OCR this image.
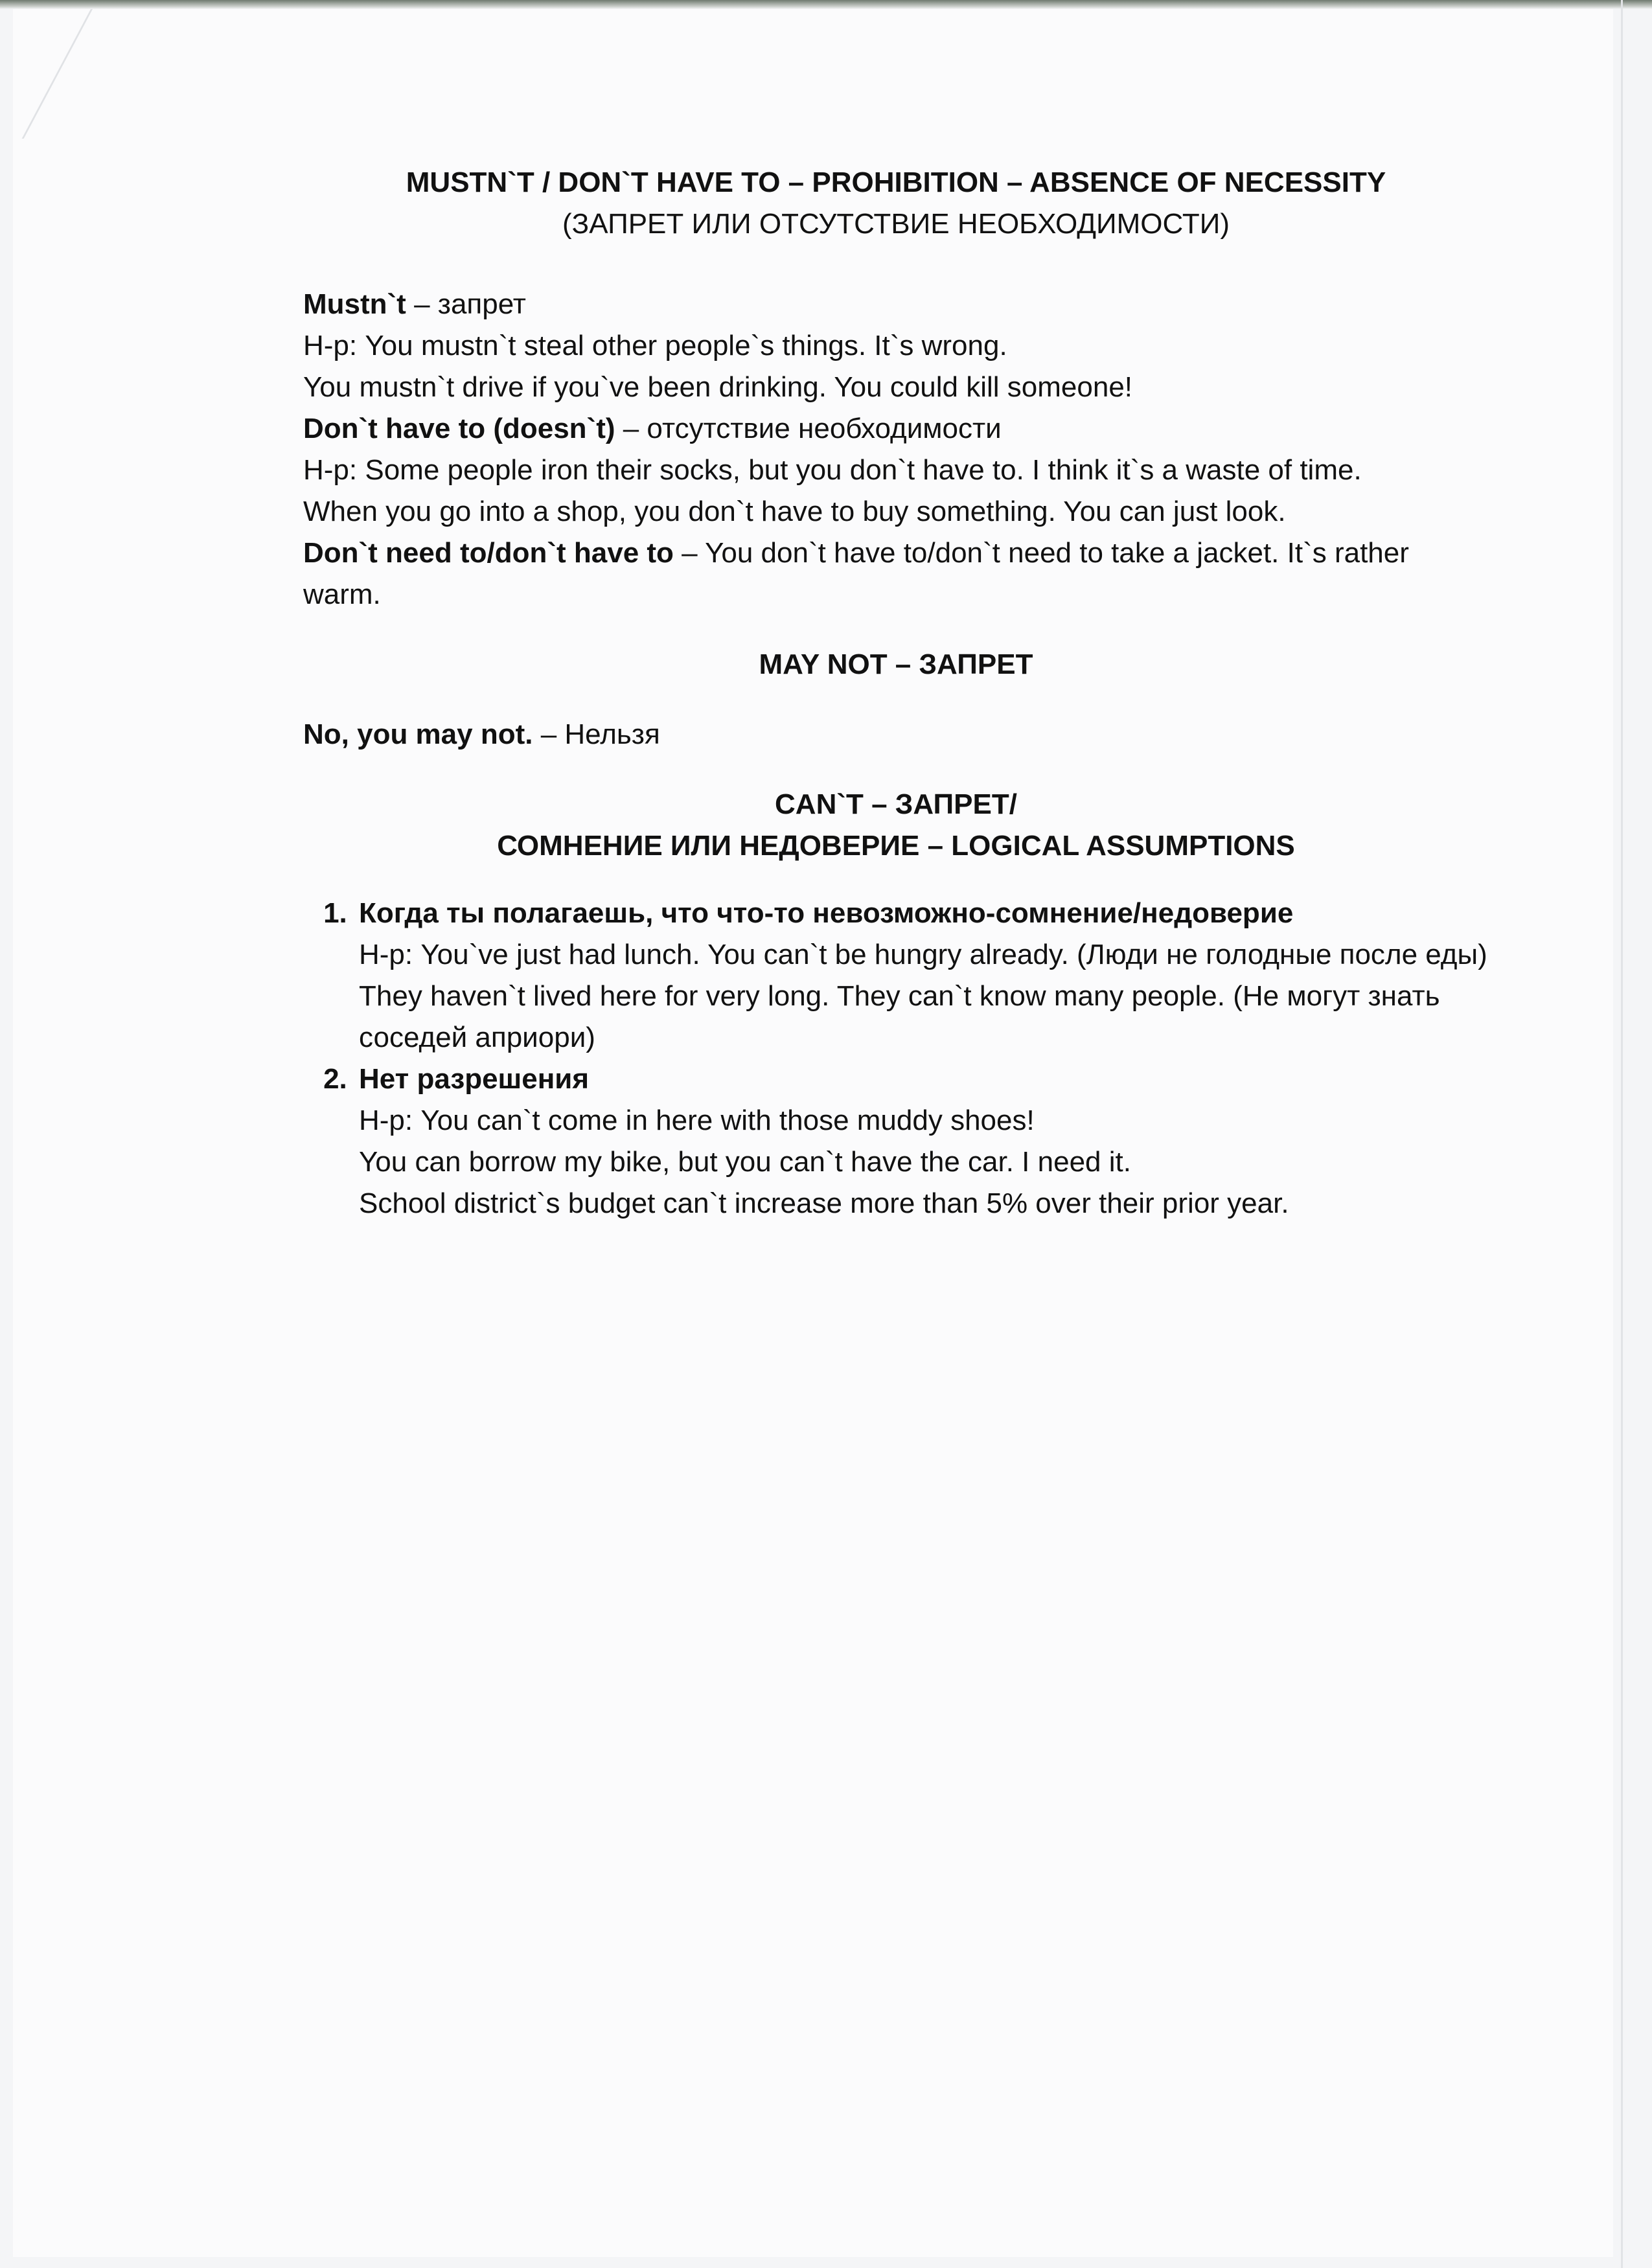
MUSTN`T / DON`T HAVE TO – PROHIBITION – ABSENCE OF NECESSITY

(ЗАПРЕТ ИЛИ ОТСУТСТВИЕ НЕОБХОДИМОСТИ)

Mustn`t – запрет

Н-р: You mustn`t steal other people`s things. It`s wrong.

You mustn`t drive if you`ve been drinking. You could kill someone!

Don`t have to (doesn`t) – отсутствие необходимости

Н-р: Some people iron their socks, but you don`t have to. I think it`s a waste of time.

When you go into a shop, you don`t have to buy something. You can just look.

Don`t need to/don`t have to – You don`t have to/don`t need to take a jacket. It`s rather warm.

MAY NOT – ЗАПРЕТ

No, you may not. – Нельзя

CAN`T – ЗАПРЕТ/

СОМНЕНИЕ ИЛИ НЕДОВЕРИЕ – LOGICAL ASSUMPTIONS

1. Когда ты полагаешь, что что-то невозможно-сомнение/недоверие

Н-р: You`ve just had lunch. You can`t be hungry already. (Люди не голодные после еды)

They haven`t lived here for very long. They can`t know many people. (Не могут знать соседей априори)

2. Нет разрешения

Н-р: You can`t come in here with those muddy shoes!

You can borrow my bike, but you can`t have the car. I need it.

School district`s budget can`t increase more than 5% over their prior year.
